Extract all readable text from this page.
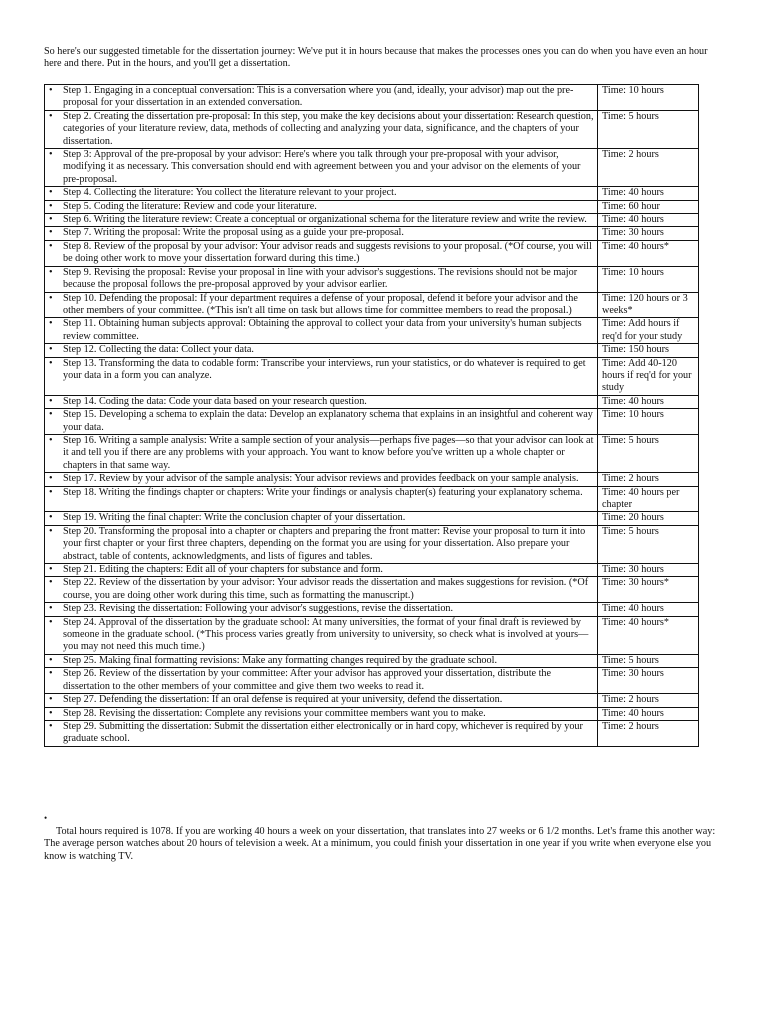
So here's our suggested timetable for the dissertation journey: We've put it in hours because that makes the processes ones you can do when you have even an hour here and there. Put in the hours, and you'll get a dissertation.

• Step 1. Engaging in a conceptual conversation: This is a conversation where you (and, ideally, your advisor) map out the pre-proposal for your dissertation in an extended conversation.	Time: 10 hours

• Step 2. Creating the dissertation pre-proposal: In this step, you make the key decisions about your dissertation: Research question, categories of your literature review, data, methods of collecting and analyzing your data, significance, and the chapters of your dissertation.	Time: 5 hours

• Step 3: Approval of the pre-proposal by your advisor: Here's where you talk through your pre-proposal with your advisor, modifying it as necessary. This conversation should end with agreement between you and your advisor on the elements of your pre-proposal.	Time: 2 hours

• Step 4. Collecting the literature: You collect the literature relevant to your project.	Time: 40 hours

• Step 5. Coding the literature: Review and code your literature.	Time: 60 hour

• Step 6. Writing the literature review: Create a conceptual or organizational schema for the literature review and write the review.	Time: 40 hours

• Step 7. Writing the proposal: Write the proposal using as a guide your pre-proposal.	Time: 30 hours

• Step 8. Review of the proposal by your advisor: Your advisor reads and suggests revisions to your proposal. (*Of course, you will be doing other work to move your dissertation forward during this time.)	Time: 40 hours*

• Step 9. Revising the proposal: Revise your proposal in line with your advisor's suggestions. The revisions should not be major because the proposal follows the pre-proposal approved by your advisor earlier.	Time: 10 hours

• Step 10. Defending the proposal: If your department requires a defense of your proposal, defend it before your advisor and the other members of your committee. (*This isn't all time on task but allows time for committee members to read the proposal.)	Time: 120 hours or 3 weeks*

• Step 11. Obtaining human subjects approval: Obtaining the approval to collect your data from your university's human subjects review committee.	Time: Add hours if req'd for your study

• Step 12. Collecting the data: Collect your data.	Time: 150 hours

• Step 13. Transforming the data to codable form: Transcribe your interviews, run your statistics, or do whatever is required to get your data in a form you can analyze.	Time: Add 40-120 hours if req'd for your study

• Step 14. Coding the data: Code your data based on your research question.	Time: 40 hours

• Step 15. Developing a schema to explain the data: Develop an explanatory schema that explains in an insightful and coherent way your data.	Time: 10 hours

• Step 16. Writing a sample analysis: Write a sample section of your analysis—perhaps five pages—so that your advisor can look at it and tell you if there are any problems with your approach. You want to know before you've written up a whole chapter or chapters in that same way.	Time: 5 hours

• Step 17. Review by your advisor of the sample analysis: Your advisor reviews and provides feedback on your sample analysis.	Time: 2 hours

• Step 18. Writing the findings chapter or chapters: Write your findings or analysis chapter(s) featuring your explanatory schema.	Time: 40 hours per chapter

• Step 19. Writing the final chapter: Write the conclusion chapter of your dissertation.	Time: 20 hours

• Step 20. Transforming the proposal into a chapter or chapters and preparing the front matter: Revise your proposal to turn it into your first chapter or your first three chapters, depending on the format you are using for your dissertation. Also prepare your abstract, table of contents, acknowledgments, and lists of figures and tables.	Time: 5 hours

• Step 21. Editing the chapters: Edit all of your chapters for substance and form.	Time: 30 hours

• Step 22. Review of the dissertation by your advisor: Your advisor reads the dissertation and makes suggestions for revision. (*Of course, you are doing other work during this time, such as formatting the manuscript.)	Time: 30 hours*

• Step 23. Revising the dissertation: Following your advisor's suggestions, revise the dissertation.	Time: 40 hours

• Step 24. Approval of the dissertation by the graduate school: At many universities, the format of your final draft is reviewed by someone in the graduate school. (*This process varies greatly from university to university, so check what is involved at yours—you may not need this much time.)	Time: 40 hours*

• Step 25. Making final formatting revisions: Make any formatting changes required by the graduate school.	Time: 5 hours

• Step 26. Review of the dissertation by your committee: After your advisor has approved your dissertation, distribute the dissertation to the other members of your committee and give them two weeks to read it.	Time: 30 hours

• Step 27. Defending the dissertation: If an oral defense is required at your university, defend the dissertation.	Time: 2 hours

• Step 28. Revising the dissertation: Complete any revisions your committee members want you to make.	Time: 40 hours

• Step 29. Submitting the dissertation: Submit the dissertation either electronically or in hard copy, whichever is required by your graduate school.	Time: 2 hours
•

Total hours required is 1078. If you are working 40 hours a week on your dissertation, that translates into 27 weeks or 6 1/2 months. Let's frame this another way: The average person watches about 20 hours of television a week. At a minimum, you could finish your dissertation in one year if you write when everyone else you know is watching TV.
